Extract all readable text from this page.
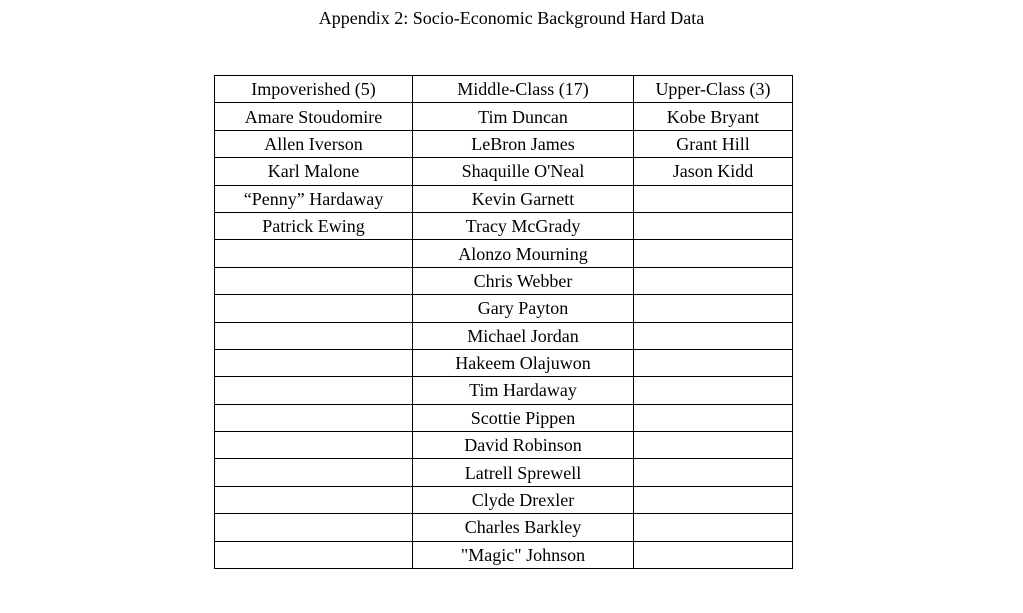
Appendix 2: Socio-Economic Background Hard Data
Impoverished (5)	Middle-Class (17)	Upper-Class (3)
Amare Stoudomire	Tim Duncan	Kobe Bryant
Allen Iverson	LeBron James	Grant Hill
Karl Malone	Shaquille O'Neal	Jason Kidd
“Penny” Hardaway	Kevin Garnett	
Patrick Ewing	Tracy McGrady	
	Alonzo Mourning	
	Chris Webber	
	Gary Payton	
	Michael Jordan	
	Hakeem Olajuwon	
	Tim Hardaway	
	Scottie Pippen	
	David Robinson	
	Latrell Sprewell	
	Clyde Drexler	
	Charles Barkley	
	"Magic" Johnson	
